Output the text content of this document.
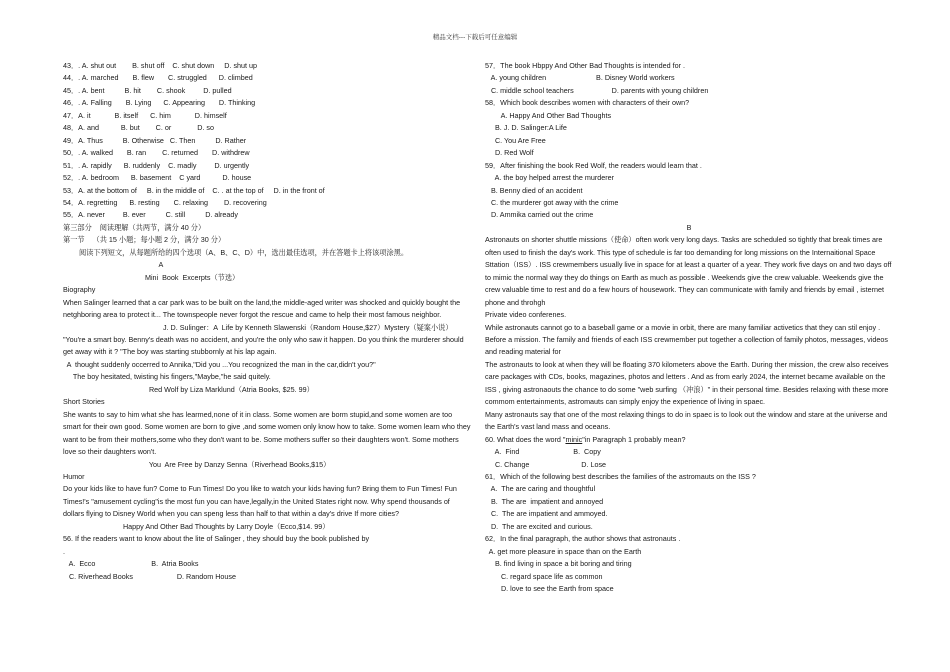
精品文档---下载后可任意编辑
43．. A. shut out        B. shut off    C. shut down     D. shut up
44．. A. marched       B. flew       C. struggled      D. climbed
45．. A. bent          B. hit        C. shook         D. pulled
46．. A. Falling       B. Lying      C. Appearing       D. Thinking
47．A. it            B. itself      C. him            D. himself
48．A. and           B. but        C. or             D. so
49．A. Thus          B. Otherwise   C. Then          D. Rather
50．. A. walked       B. ran        C. returned       D. withdrew
51．. A. rapidly      B. ruddenly    C. madly         D. urgently
52．. A. bedroom      B. basement    C yard           D. house
53．A. at the bottom of     B. in the middle of    C. . at the top of     D. in the front of
54．A. regretting      B. resting       C. relaxing        D. recovering
55．A. never         B. ever          C. still          D. already
第三部分    阅读理解（共两节，满分 40 分）
第一节    （共 15 小题；每小题 2 分，满分 30 分）
阅读下列短文，从每题所给的四个选项（A、B、C、D）中，选出最佳选项，并在答题卡上将该项涂黑。
A
Mini  Book  Excerpts（节选）
Biography
When Salinger learned that a car park was to be built on the land,the middle-aged writer was shocked and quickly bought the netghboring area to protect it... The townspeople never forgot the rescue and came to help their most famous neighbor.
J. D. Sulinger：A  Life by Kenneth Slawenski（Random House,$27）Mystery（疑案小说）
"You're a smart boy. Benny's death was no accident, and you're the only who saw it happen. Do you think the murderer should get away with it ? "The boy was starting stubbornly at his lap again.
A  thought suddenly occerred to Annika,"Did you ...You recognized the man in the car,didn't you?"
The boy hesitated, twisting his fingers,"Maybe,"he said quitely.
Red Wolf by Liza Marklund（Atria Books, $25. 99）
Short Stories
She wants to say to him what she has learmed,none of it in class. Some women are borm stupid,and some women are too smart for their own good. Some women are born to give ,and some women only know how to take. Some women learn who they want to be from their mothers,some who they don't want to be. Some mothers suffer so their daughters won't. Some mothers love so their daughters won't.
You  Are Free by Danzy Senna（Riverhead Books,$15）
Humor
Do your kids like to have fun? Come to Fun Times! Do you like to watch your kids having fun? Bring them to Fun Times! Fun Times!'s "amusement cycling"is the most fun you can have,legally,in the United States right now. Why spend thousands of dollars flying to Disney World when you can speng less than half to that within a day's drive If more cities?
Happy And Other Bad Thoughts by Larry Doyle（Ecco,$14. 99）
56. If the readers want to know about the lite of Salinger , they should buy the book published by
.
A.  Ecco                            B.  Atria Books
C. Riverhead Books                      D. Random House
57．The book Hbppy And Other Bad Thoughts is intended for .
A. young children                         B. Disney World workers
C. middle school teachers                   D. parents with young children
58．Which book describes women with characters of their own?
A. Happy And Other Bad Thoughts
B. J. D. Salinger:A Life
C. You Are Free
D. Red Wolf
59．After finishing the book Red Wolf, the readers would learn that .
A. the boy helped arrest the murderer
B. Benny died of an accident
C. the murderer got away with the crime
D. Ammika carried out the crime
B
Astronauts on shorter shuttle missions（使命）often work very long days. Tasks are scheduled so tightly that break times are often used to finish the day's work. This type of schedule is far too demanding for long missions on the Internaitional Space Sttation（ISS）. ISS crewmembers usually live in space for at least a quarter of a year. They work five days on and two days off to mimic the normal way they do things on Earth as much as possible . Weekends give the crew valuable. Weekends give the crew valuable time to rest and do a few hours of housework. They can communicate with family and friends by email , isternet phone and throhgh
Private video conferenes.
While astronauts cannot go to a baseball game or a movie in orbit, there are many familiar activetics that they can stil enjoy . Before a mission. The family and friends of each ISS crewmember put together a collection of family photos, messages, videos and reading material for
The astronauts to look at when they will be floating 370 kilometers above the Earth. During ther mission, the crew also receives care packages with CDs, books, magazines, photos and letters . And as from early 2024, the internet became available on the ISS , giving astronaouts the chance to do some "web surfing （冲浪）" in their personal time. Besides relaxing with these more commom entertainments, astromauts can simply enjoy the experience of living in spaec.
Many astronauts say that one of the most relaxing things to do in spaec is to look out the window and stare at the universe and the Earth's vast land mass and oceans.
60. What does the word "minic"in Paragraph 1 probably mean?
A.  Find                           B.  Copy
C. Change                          D. Lose
61．Which of the following best describes the families of the astromauts on the ISS ?
A.  The are caring and thoughtful
B.  The are  impatient and annoyed
C.  The are impatient and ammoyed.
D.  The are excited and curious.
62．In the final paragraph, the author shows that astronauts .
A. get more pleasure in space than on the Earth
B. find living in space a bit boring and tiring
C. regard space life as common
D. love to see the Earth from space
